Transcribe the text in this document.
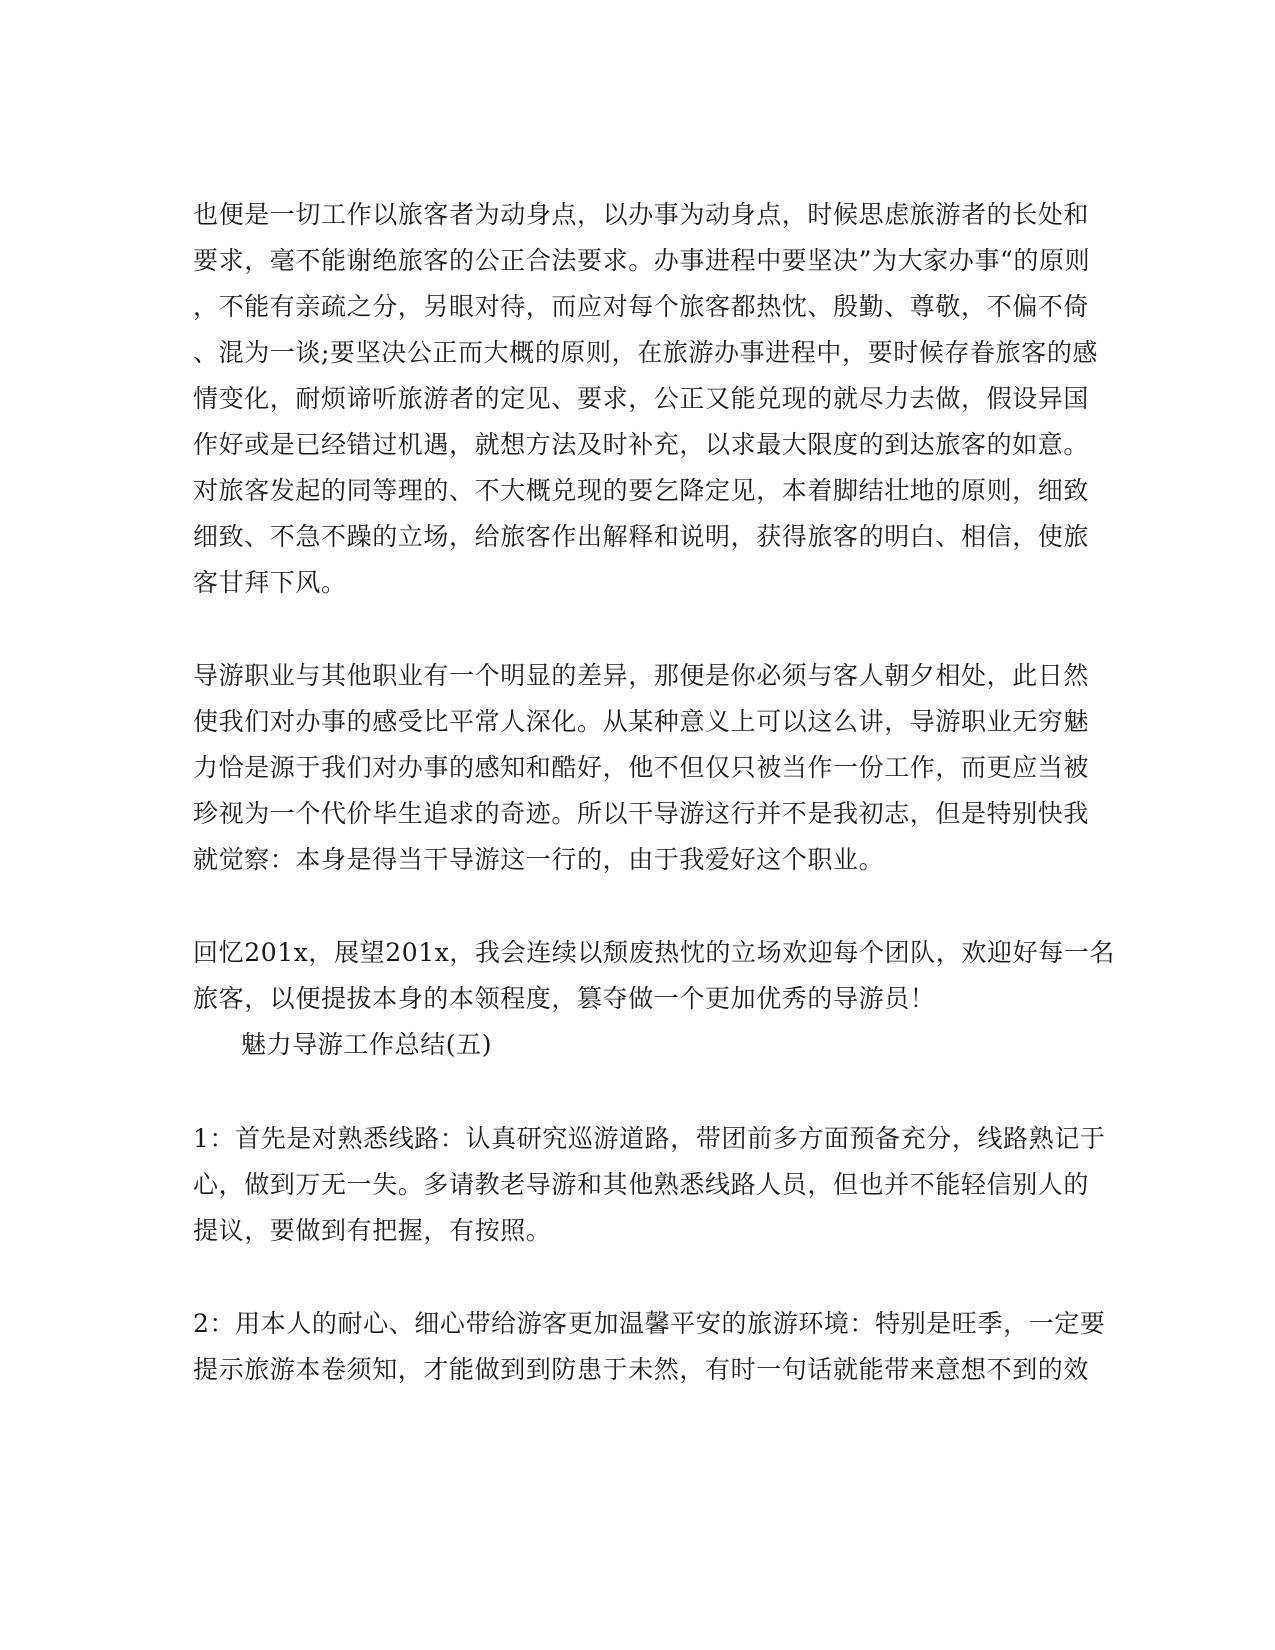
也便是一切工作以旅客者为动身点，以办事为动身点，时候思虑旅游者的长处和
要求，毫不能谢绝旅客的公正合法要求。办事进程中要坚决”为大家办事“的原则
，不能有亲疏之分，另眼对待，而应对每个旅客都热忱、殷勤、尊敬，不偏不倚
、混为一谈;要坚决公正而大概的原则，在旅游办事进程中，要时候存眷旅客的感
情变化，耐烦谛听旅游者的定见、要求，公正又能兑现的就尽力去做，假设异国
作好或是已经错过机遇，就想方法及时补充，以求最大限度的到达旅客的如意。
对旅客发起的同等理的、不大概兑现的要乞降定见，本着脚结壮地的原则，细致
细致、不急不躁的立场，给旅客作出解释和说明，获得旅客的明白、相信，使旅
客甘拜下风。
导游职业与其他职业有一个明显的差异，那便是你必须与客人朝夕相处，此日然
使我们对办事的感受比平常人深化。从某种意义上可以这么讲，导游职业无穷魅
力恰是源于我们对办事的感知和酷好，他不但仅只被当作一份工作，而更应当被
珍视为一个代价毕生追求的奇迹。所以干导游这行并不是我初志，但是特别快我
就觉察：本身是得当干导游这一行的，由于我爱好这个职业。
回忆201x，展望201x，我会连续以颓废热忱的立场欢迎每个团队，欢迎好每一名
旅客，以便提拔本身的本领程度，篡夺做一个更加优秀的导游员！
魅力导游工作总结(五)
1：首先是对熟悉线路：认真研究巡游道路，带团前多方面预备充分，线路熟记于
心，做到万无一失。多请教老导游和其他熟悉线路人员，但也并不能轻信别人的
提议，要做到有把握，有按照。
2：用本人的耐心、细心带给游客更加温馨平安的旅游环境：特别是旺季，一定要
提示旅游本卷须知，才能做到到防患于未然，有时一句话就能带来意想不到的效
